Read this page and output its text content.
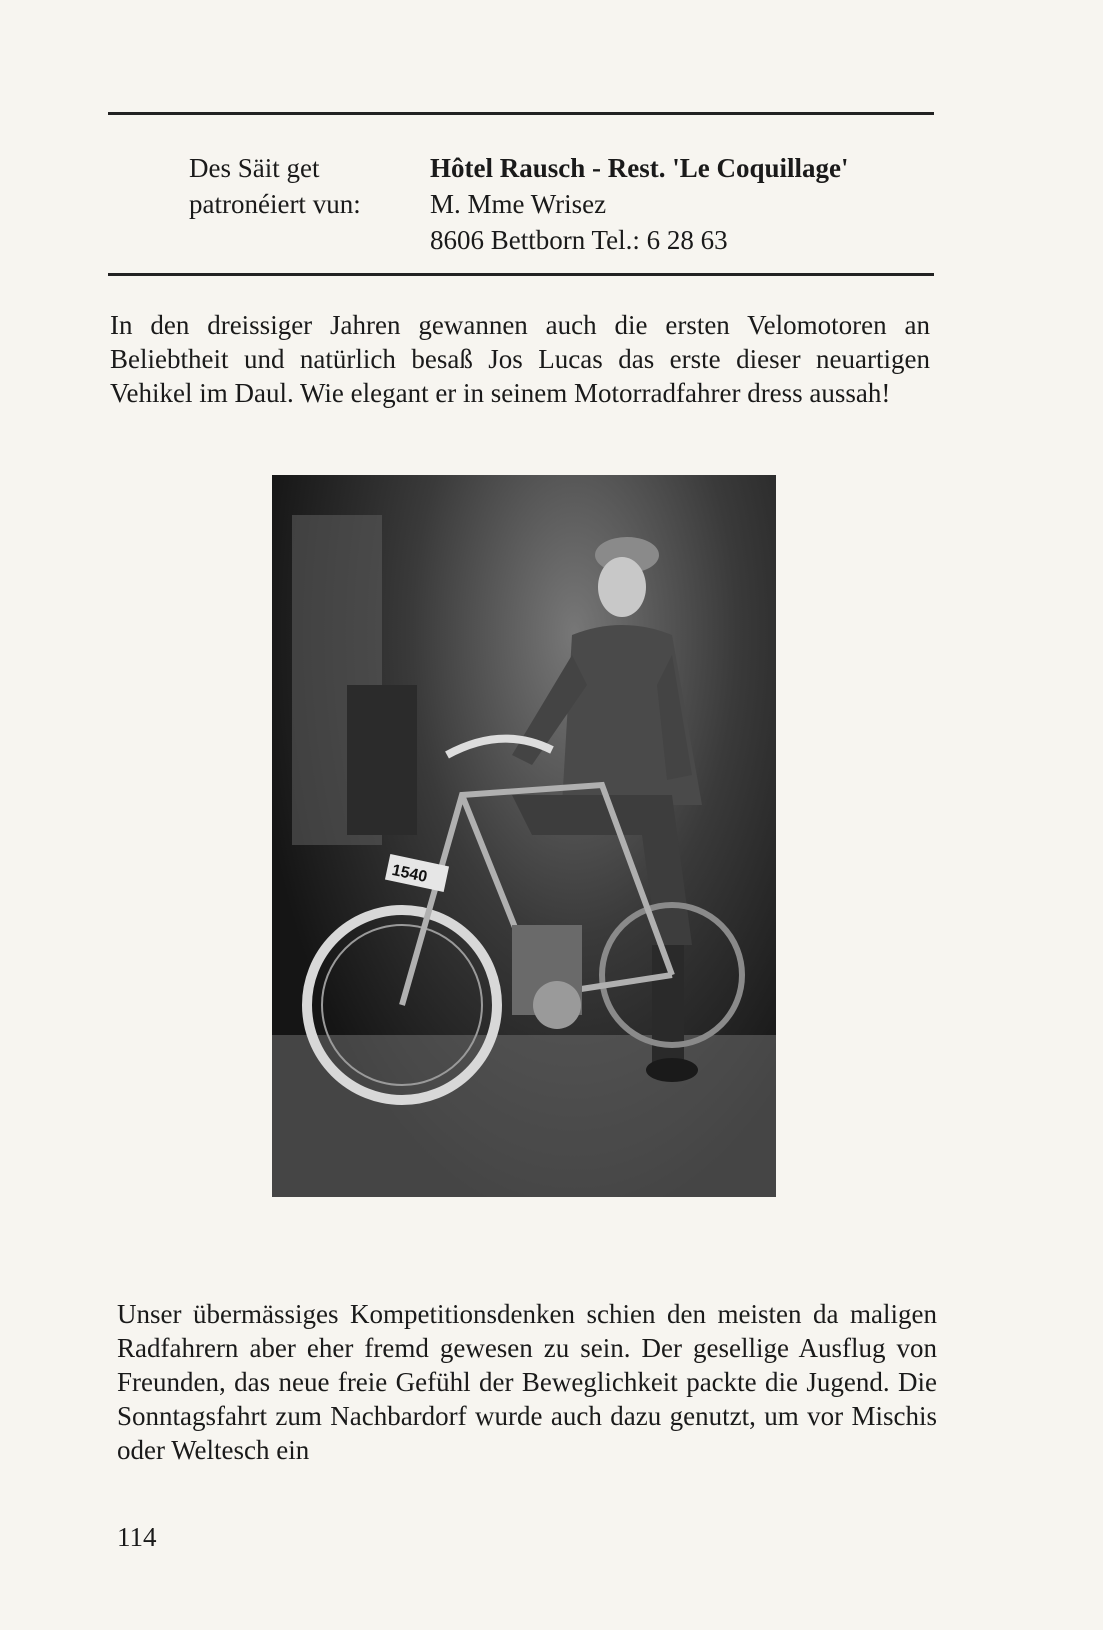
Des Säit get
patronéiert vun:
Hôtel Rausch - Rest. 'Le Coquillage'
M. Mme Wrisez
8606 Bettborn Tel.: 6 28 63

In den dreissiger Jahren gewannen auch die ersten Velomotoren an Beliebtheit und natürlich besaß Jos Lucas das erste dieser neuartigen Vehikel im Daul. Wie elegant er in seinem Motorradfahrer dress aussah!

1540

Unser übermässiges Kompetitionsdenken schien den meisten da maligen Radfahrern aber eher fremd gewesen zu sein. Der gesellige Ausflug von Freunden, das neue freie Gefühl der Beweglichkeit packte die Jugend. Die Sonntagsfahrt zum Nachbardorf wurde auch dazu genutzt, um vor Mischis oder Weltesch ein

114
